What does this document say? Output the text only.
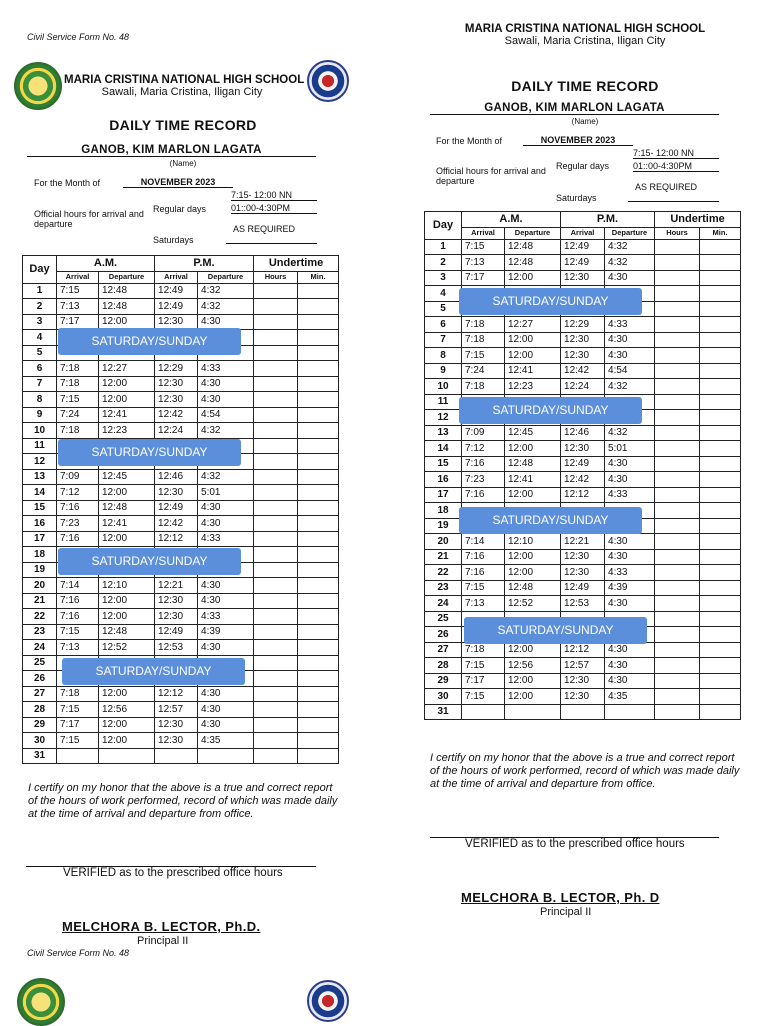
Civil Service Form No. 48
MARIA CRISTINA NATIONAL HIGH SCHOOL
Sawali, Maria Cristina, Iligan City
DAILY TIME RECORD
GANOB, KIM MARLON LAGATA
(Name)
For the Month of	NOVEMBER 2023
7:15- 12:00 NN
Regular days	01::00-4:30PM
Official hours for arrival and departure	AS REQUIRED
Saturdays
Day	A.M.		P.M.		Undertime	
	Arrival	Departure	Arrival	Departure	Hours	Min.
1	7:15	12:48	12:49	4:32		
2	7:13	12:48	12:49	4:32		
3	7:17	12:00	12:30	4:30		
4						
5						
6	7:18	12:27	12:29	4:33		
7	7:18	12:00	12:30	4:30		
8	7:15	12:00	12:30	4:30		
9	7:24	12:41	12:42	4:54		
10	7:18	12:23	12:24	4:32		
11						
12						
13	7:09	12:45	12:46	4:32		
14	7:12	12:00	12:30	5:01		
15	7:16	12:48	12:49	4:30		
16	7:23	12:41	12:42	4:30		
17	7:16	12:00	12:12	4:33		
18						
19						
20	7:14	12:10	12:21	4:30		
21	7:16	12:00	12:30	4:30		
22	7:16	12:00	12:30	4:33		
23	7:15	12:48	12:49	4:39		
24	7:13	12:52	12:53	4:30		
25						
26						
27	7:18	12:00	12:12	4:30		
28	7:15	12:56	12:57	4:30		
29	7:17	12:00	12:30	4:30		
30	7:15	12:00	12:30	4:35		
31						
SATURDAY/SUNDAY
SATURDAY/SUNDAY
SATURDAY/SUNDAY
SATURDAY/SUNDAY
I certify on my honor that the above is a true and correct report of the hours of work performed, record of which was made daily at the time of arrival and departure from office.
VERIFIED as to the prescribed office hours
MELCHORA B. LECTOR, Ph.D.
Principal II
Civil Service Form No. 48
MARIA CRISTINA NATIONAL HIGH SCHOOL
Sawali, Maria Cristina, Iligan City
DAILY TIME RECORD
GANOB, KIM MARLON LAGATA
(Name)
For the Month of	NOVEMBER 2023
7:15- 12:00 NN
Regular days	01::00-4:30PM
Official hours for arrival and departure
AS REQUIRED
Saturdays
Day	A.M.		P.M.		Undertime	
	Arrival	Departure	Arrival	Departure	Hours	Min.
1	7:15	12:48	12:49	4:32		
2	7:13	12:48	12:49	4:32		
3	7:17	12:00	12:30	4:30		
4						
5						
6	7:18	12:27	12:29	4:33		
7	7:18	12:00	12:30	4:30		
8	7:15	12:00	12:30	4:30		
9	7:24	12:41	12:42	4:54		
10	7:18	12:23	12:24	4:32		
11						
12						
13	7:09	12:45	12:46	4:32		
14	7:12	12:00	12:30	5:01		
15	7:16	12:48	12:49	4:30		
16	7:23	12:41	12:42	4:30		
17	7:16	12:00	12:12	4:33		
18						
19						
20	7:14	12:10	12:21	4:30		
21	7:16	12:00	12:30	4:30		
22	7:16	12:00	12:30	4:33		
23	7:15	12:48	12:49	4:39		
24	7:13	12:52	12:53	4:30		
25						
26						
27	7:18	12:00	12:12	4:30		
28	7:15	12:56	12:57	4:30		
29	7:17	12:00	12:30	4:30		
30	7:15	12:00	12:30	4:35		
31						
SATURDAY/SUNDAY
SATURDAY/SUNDAY
SATURDAY/SUNDAY
SATURDAY/SUNDAY
I certify on my honor that the above is a true and correct report of the hours of work performed, record of which was made daily at the time of arrival and departure from office.
VERIFIED as to the prescribed office hours
MELCHORA B. LECTOR, Ph. D
Principal II
